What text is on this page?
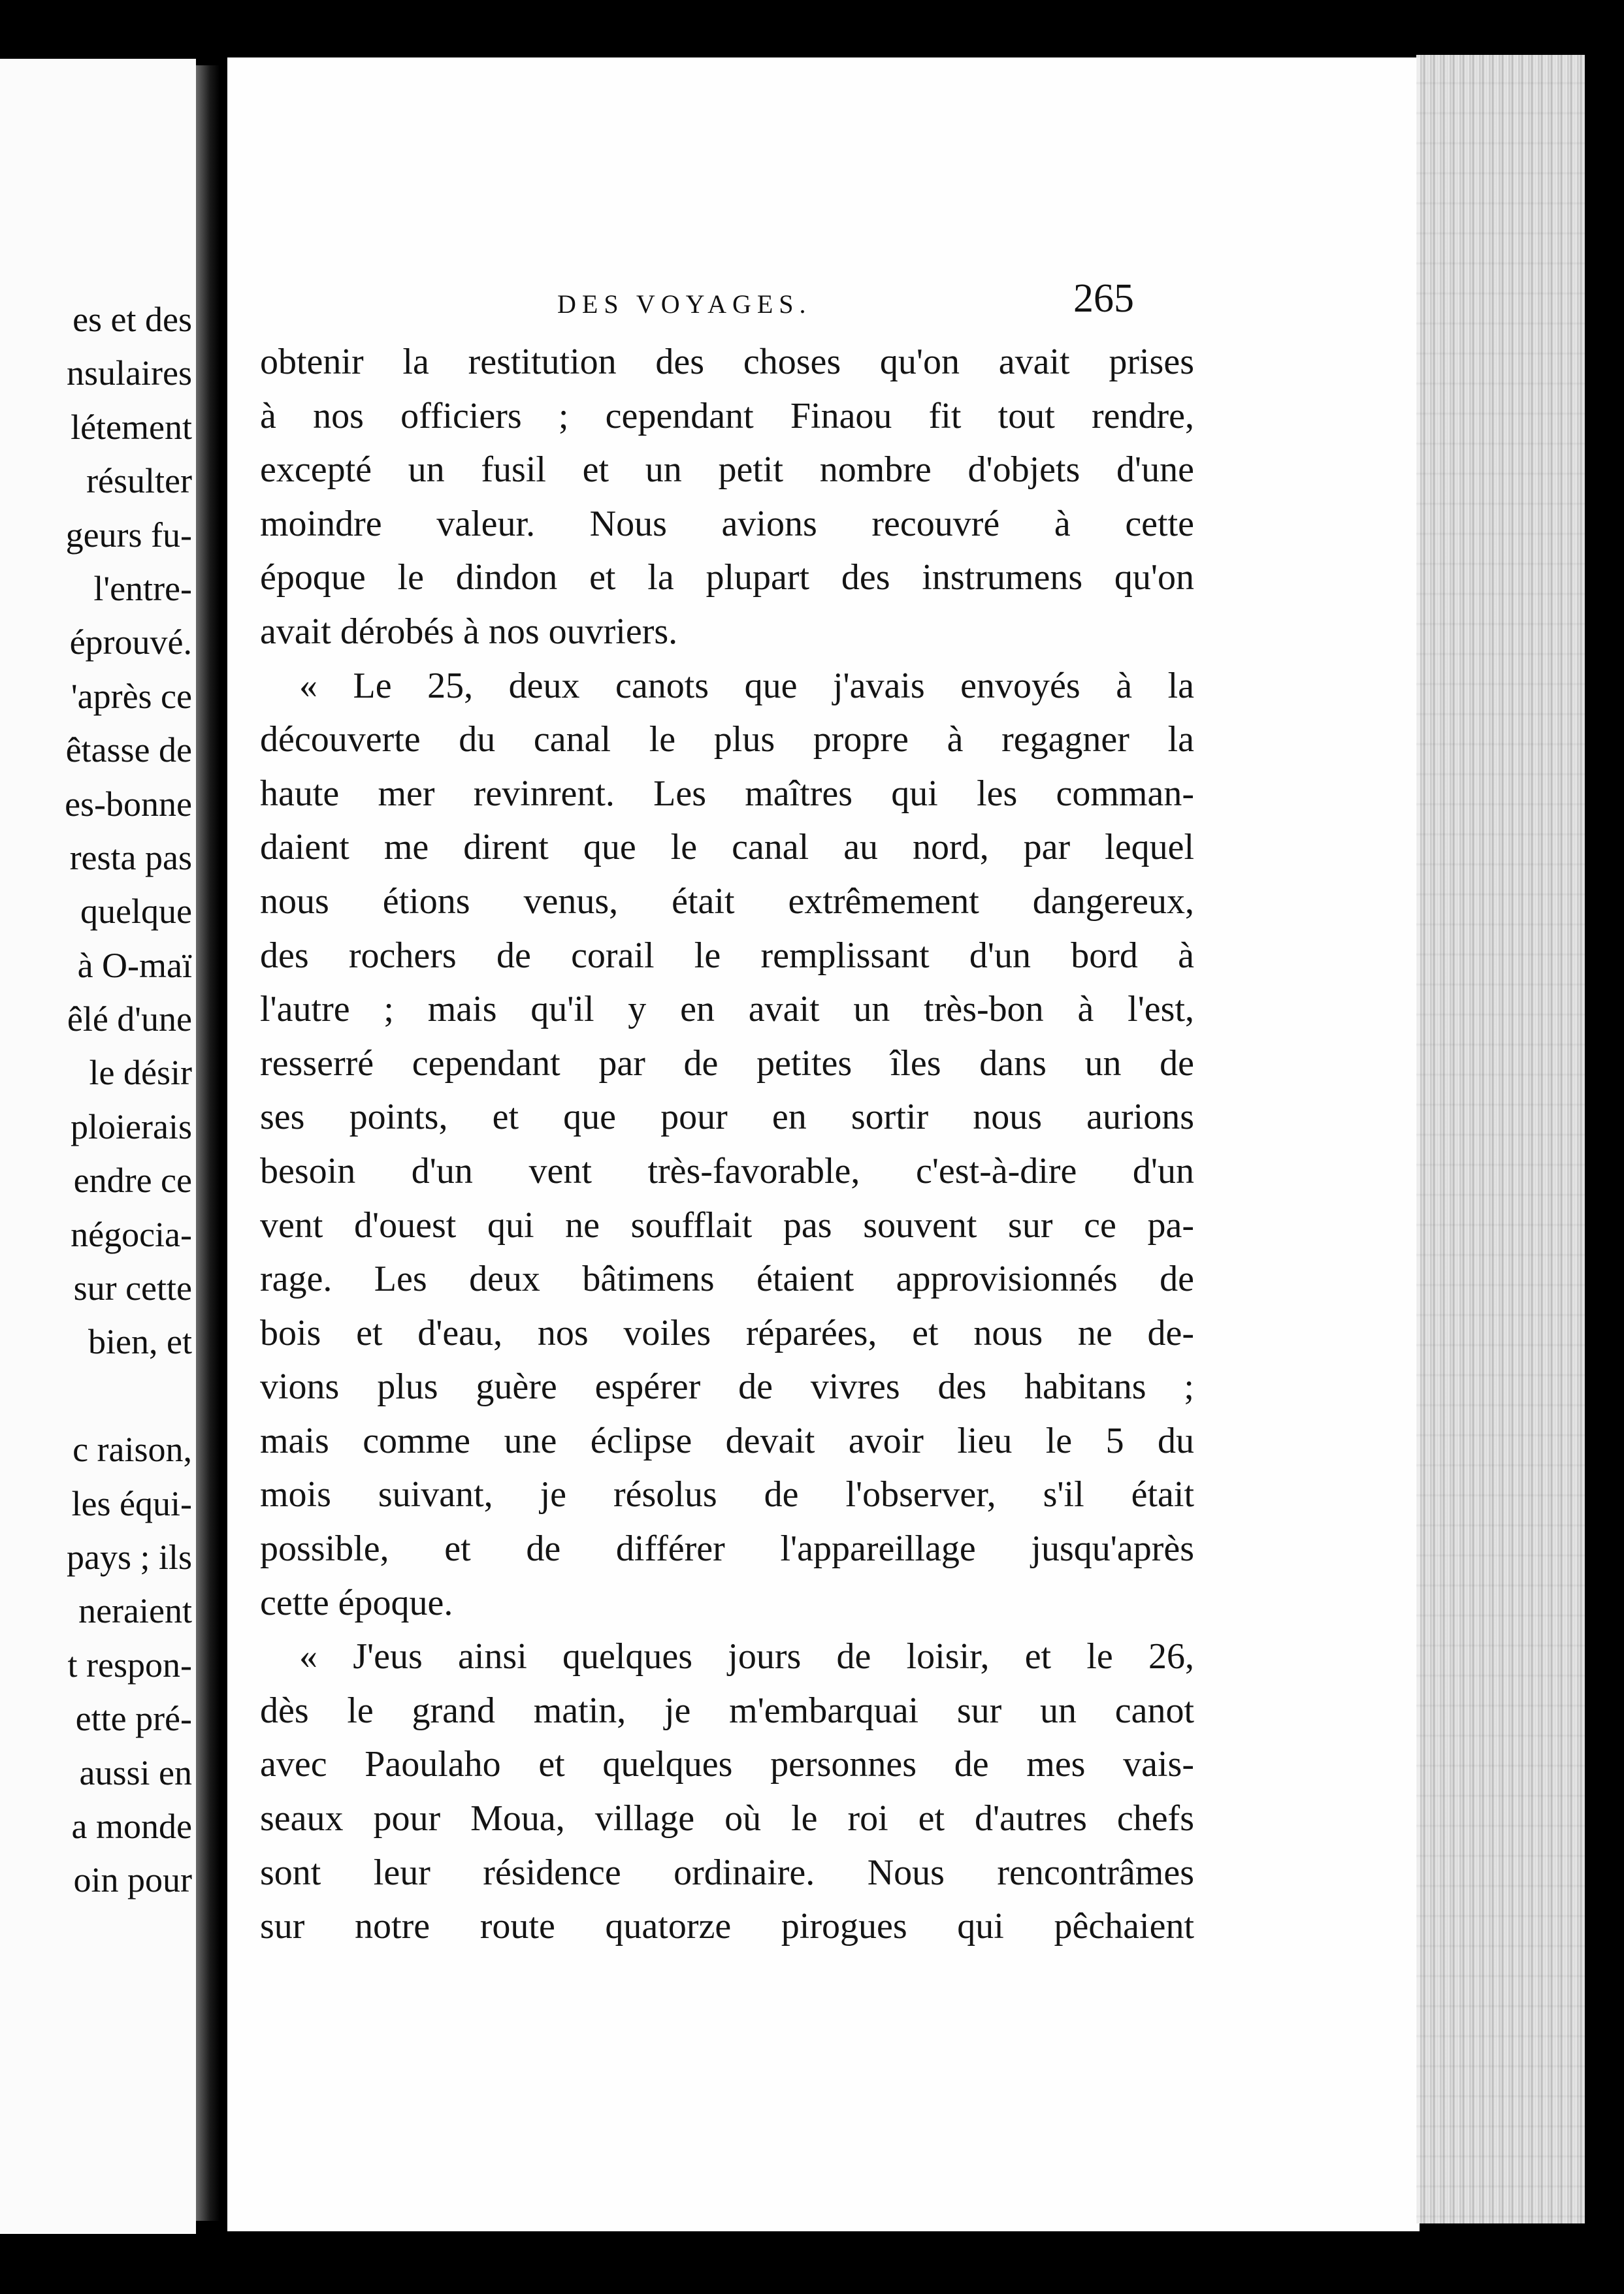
es et des
nsulaires
létement
résulter
geurs fu-
l'entre-
éprouvé.
'après ce
êtasse de
es-bonne
resta pas
quelque
à O-maï
êlé d'une
le désir
ploierais
endre ce
négocia-
sur cette
bien, et
c raison,
les équi-
pays ; ils
neraient
t respon-
ette pré-
aussi en
a monde
oin pour
DES VOYAGES.	265
obtenir la restitution des choses qu'on avait prises
à nos officiers ; cependant Finaou fit tout rendre,
excepté un fusil et un petit nombre d'objets d'une
moindre valeur. Nous avions recouvré à cette
époque le dindon et la plupart des instrumens qu'on
avait dérobés à nos ouvriers.
« Le 25, deux canots que j'avais envoyés à la
découverte du canal le plus propre à regagner la
haute mer revinrent. Les maîtres qui les comman-
daient me dirent que le canal au nord, par lequel
nous étions venus, était extrêmement dangereux,
des rochers de corail le remplissant d'un bord à
l'autre ; mais qu'il y en avait un très-bon à l'est,
resserré cependant par de petites îles dans un de
ses points, et que pour en sortir nous aurions
besoin d'un vent très-favorable, c'est-à-dire d'un
vent d'ouest qui ne soufflait pas souvent sur ce pa-
rage. Les deux bâtimens étaient approvisionnés de
bois et d'eau, nos voiles réparées, et nous ne de-
vions plus guère espérer de vivres des habitans ;
mais comme une éclipse devait avoir lieu le 5 du
mois suivant, je résolus de l'observer, s'il était
possible, et de différer l'appareillage jusqu'après
cette époque.
« J'eus ainsi quelques jours de loisir, et le 26,
dès le grand matin, je m'embarquai sur un canot
avec Paoulaho et quelques personnes de mes vais-
seaux pour Moua, village où le roi et d'autres chefs
sont leur résidence ordinaire. Nous rencontrâmes
sur notre route quatorze pirogues qui pêchaient
